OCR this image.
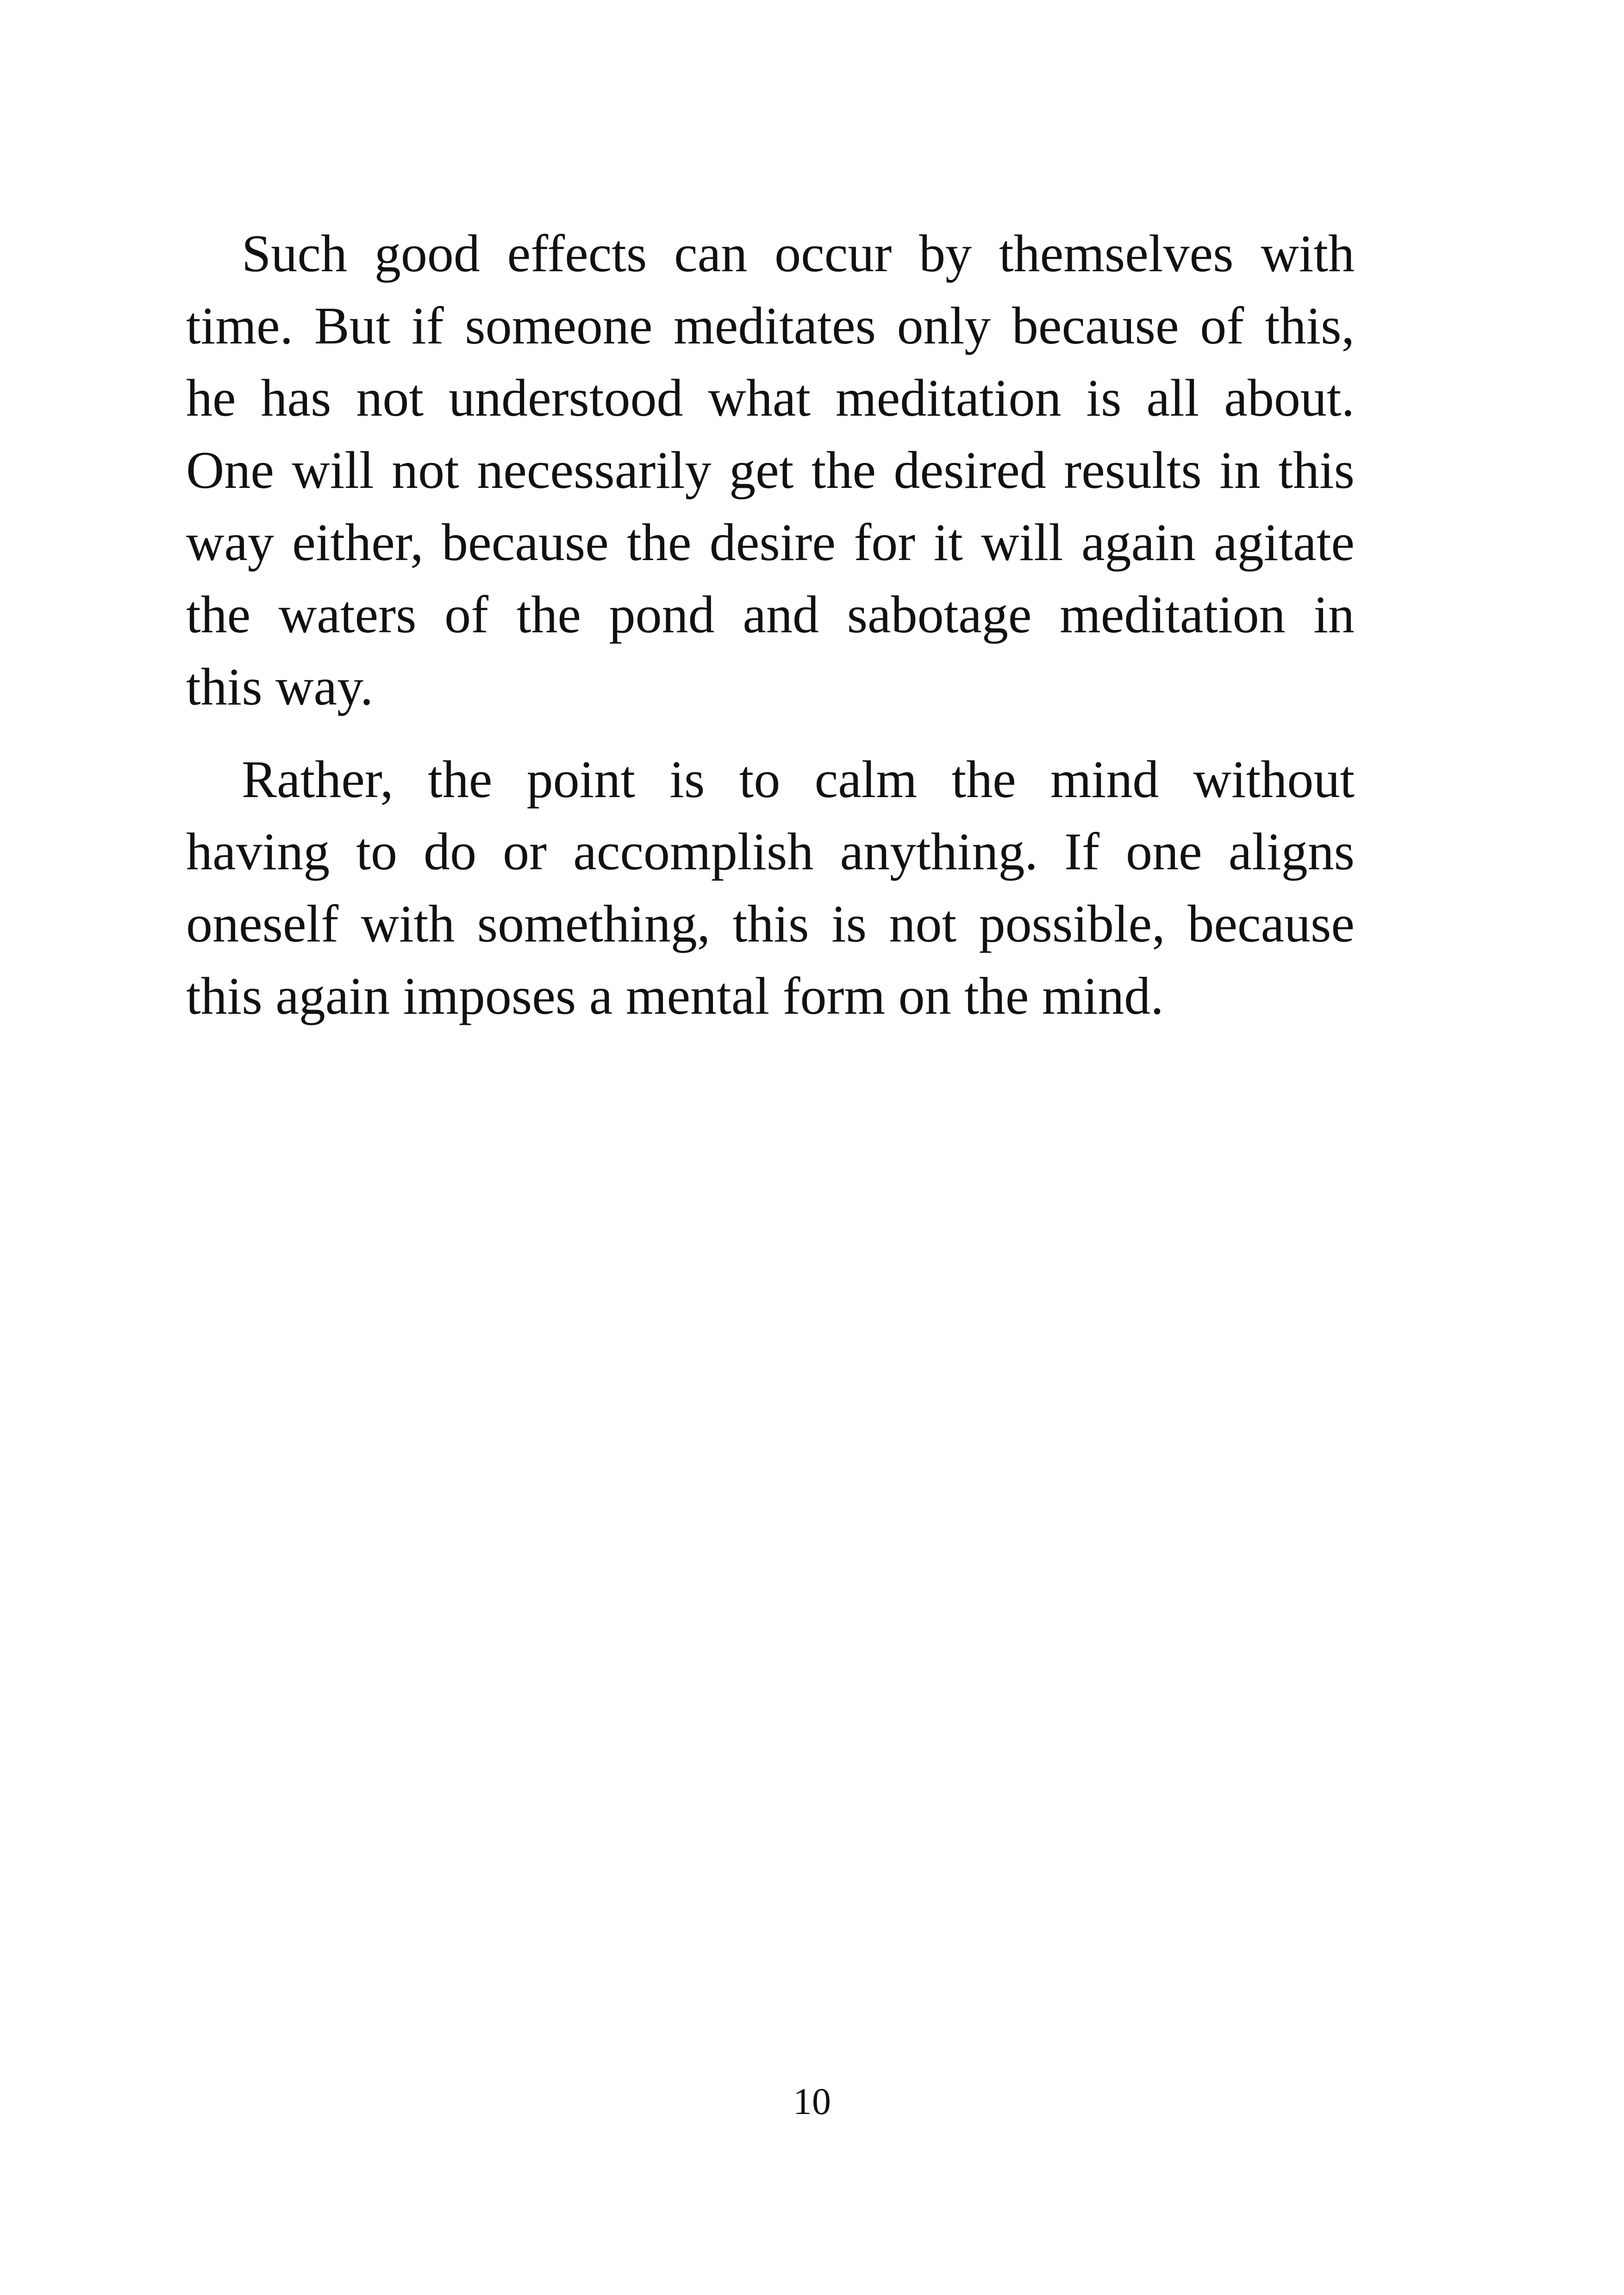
Such good effects can occur by themselves with
time. But if someone meditates only because of this,
he has not understood what meditation is all about.
One will not necessarily get the desired results in this
way either, because the desire for it will again agitate
the waters of the pond and sabotage meditation in
this way.
Rather, the point is to calm the mind without
having to do or accomplish anything. If one aligns
oneself with something, this is not possible, because
this again imposes a mental form on the mind.
10
